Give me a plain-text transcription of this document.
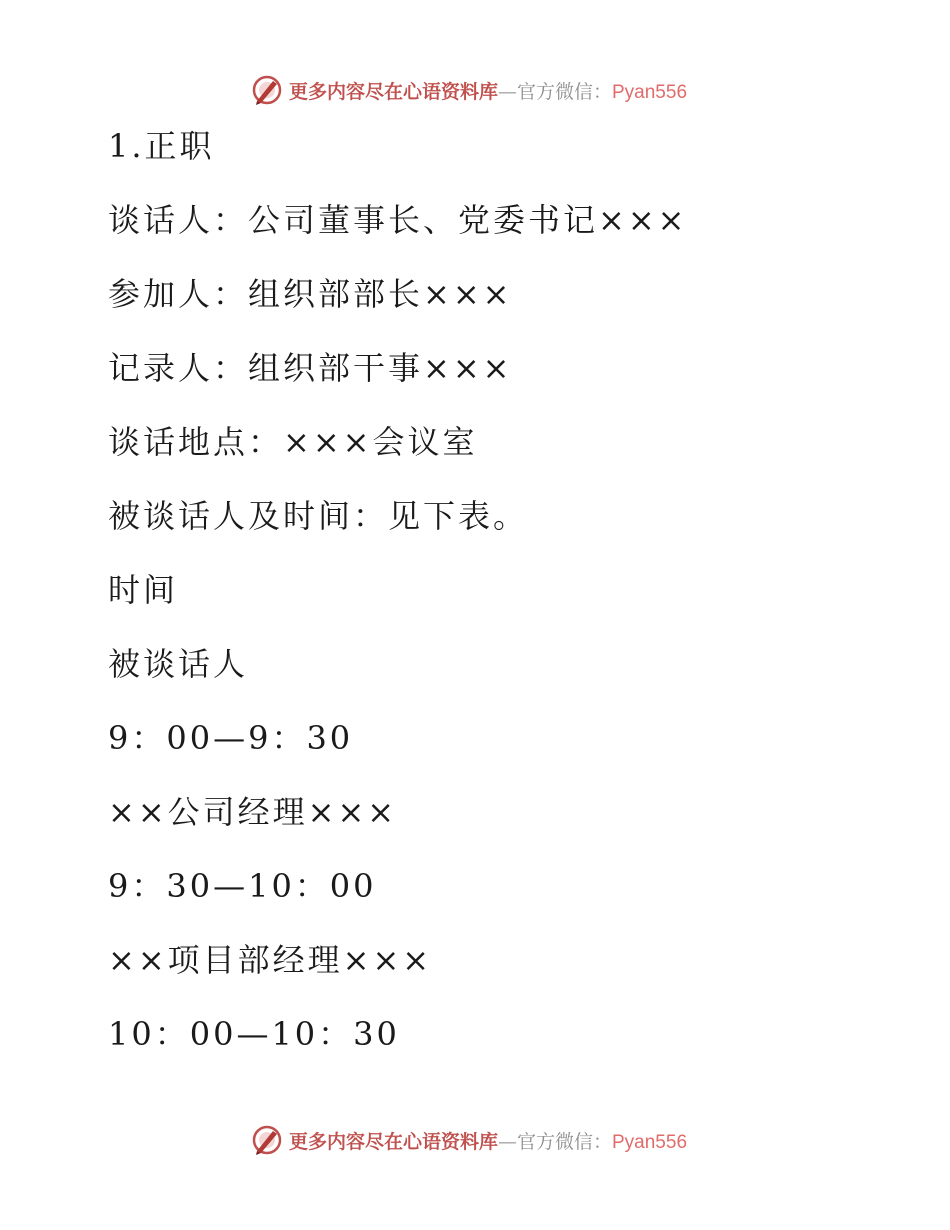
更多内容尽在心语资料库—官方微信：Pyan556
1.正职
谈话人：公司董事长、党委书记×××
参加人：组织部部长×××
记录人：组织部干事×××
谈话地点：×××会议室
被谈话人及时间：见下表。
时间
被谈话人
9：00—9：30
××公司经理×××
9：30—10：00
××项目部经理×××
10：00—10：30
更多内容尽在心语资料库—官方微信：Pyan556
